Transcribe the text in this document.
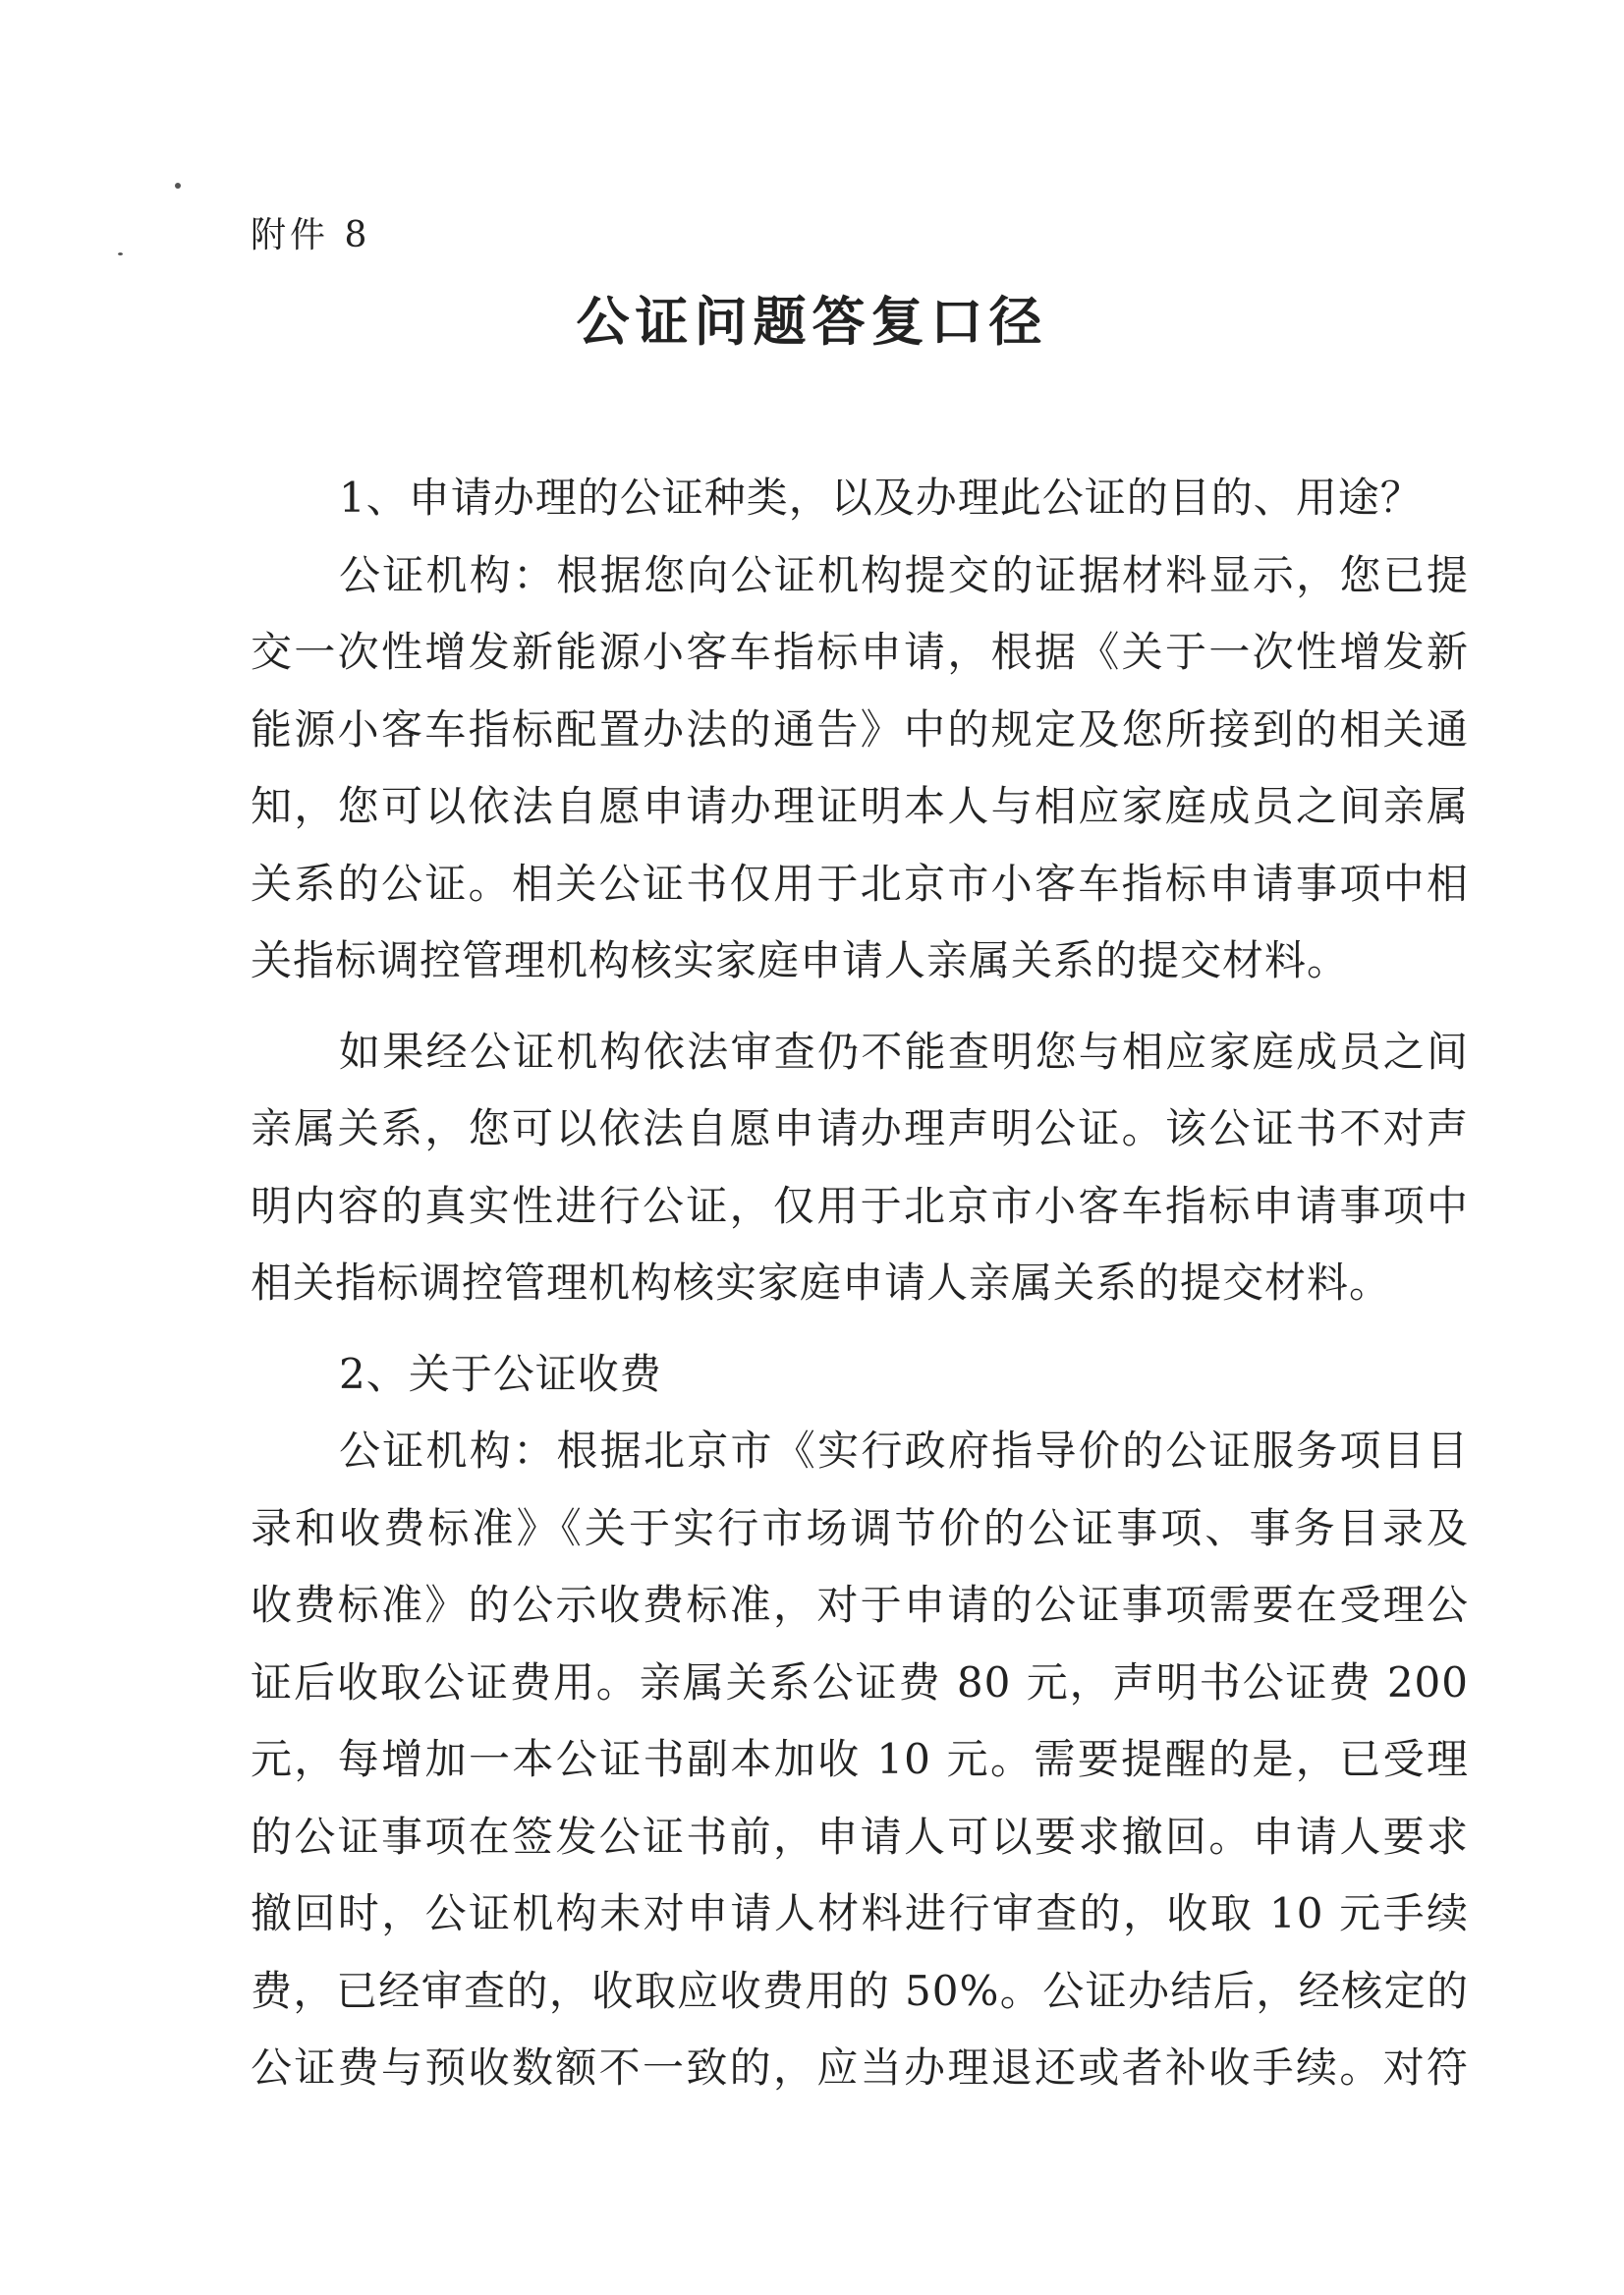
附件 8
公证问题答复口径
1、申请办理的公证种类，以及办理此公证的目的、用途？
公证机构：根据您向公证机构提交的证据材料显示，您已提
交一次性增发新能源小客车指标申请，根据《关于一次性增发新
能源小客车指标配置办法的通告》中的规定及您所接到的相关通
知，您可以依法自愿申请办理证明本人与相应家庭成员之间亲属
关系的公证。相关公证书仅用于北京市小客车指标申请事项中相
关指标调控管理机构核实家庭申请人亲属关系的提交材料。
如果经公证机构依法审查仍不能查明您与相应家庭成员之间
亲属关系，您可以依法自愿申请办理声明公证。该公证书不对声
明内容的真实性进行公证，仅用于北京市小客车指标申请事项中
相关指标调控管理机构核实家庭申请人亲属关系的提交材料。
2、关于公证收费
公证机构：根据北京市《实行政府指导价的公证服务项目目
录和收费标准》《关于实行市场调节价的公证事项、事务目录及
收费标准》的公示收费标准，对于申请的公证事项需要在受理公
证后收取公证费用。亲属关系公证费 80 元，声明书公证费 200
元，每增加一本公证书副本加收 10 元。需要提醒的是，已受理
的公证事项在签发公证书前，申请人可以要求撤回。申请人要求
撤回时，公证机构未对申请人材料进行审查的，收取 10 元手续
费，已经审查的，收取应收费用的 50%。公证办结后，经核定的
公证费与预收数额不一致的，应当办理退还或者补收手续。对符
